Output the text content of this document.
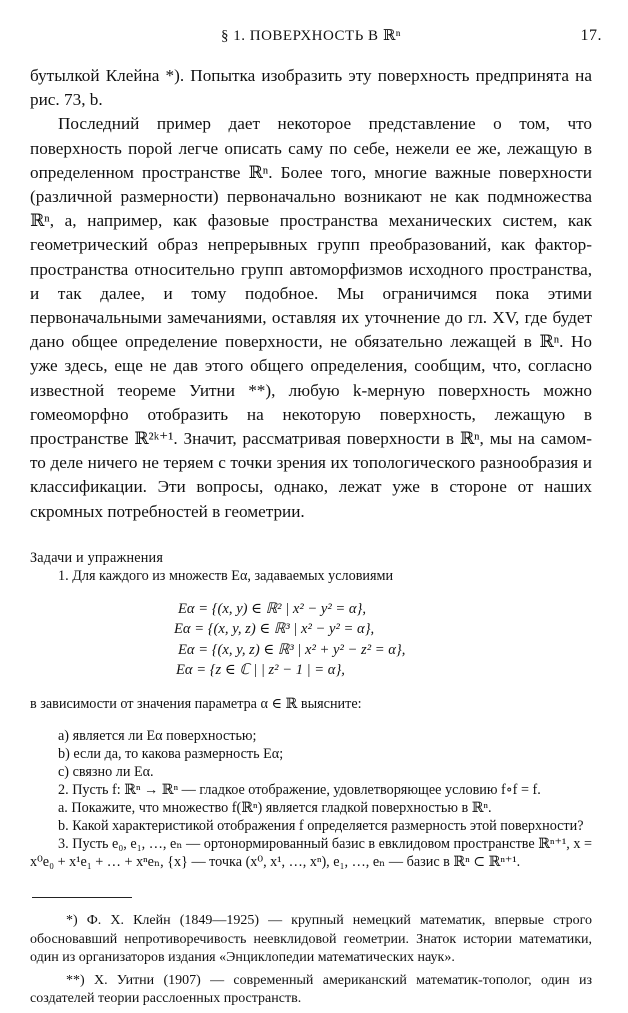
§ 1. ПОВЕРХНОСТЬ В ℝⁿ	17.

бутылкой Клейна *). Попытка изобразить эту поверхность предпринята на рис. 73, b.

Последний пример дает некоторое представление о том, что поверхность порой легче описать саму по себе, нежели ее же, лежащую в определенном пространстве ℝⁿ. Более того, многие важные поверхности (различной размерности) первоначально возникают не как подмножества ℝⁿ, а, например, как фазовые пространства механических систем, как геометрический образ непрерывных групп преобразований, как фактор-пространства относительно групп автоморфизмов исходного пространства, и так далее, и тому подобное. Мы ограничимся пока этими первоначальными замечаниями, оставляя их уточнение до гл. XV, где будет дано общее определение поверхности, не обязательно лежащей в ℝⁿ. Но уже здесь, еще не дав этого общего определения, сообщим, что, согласно известной теореме Уитни **), любую k-мерную поверхность можно гомеоморфно отобразить на некоторую поверхность, лежащую в пространстве ℝ²ᵏ⁺¹. Значит, рассматривая поверхности в ℝⁿ, мы на самом-то деле ничего не теряем с точки зрения их топологического разнообразия и классификации. Эти вопросы, однако, лежат уже в стороне от наших скромных потребностей в геометрии.

Задачи и упражнения

1. Для каждого из множеств Eα, задаваемых условиями

Eα = {(x, y) ∈ ℝ² | x² − y² = α},
Eα = {(x, y, z) ∈ ℝ³ | x² − y² = α},
Eα = {(x, y, z) ∈ ℝ³ | x² + y² − z² = α},
Eα = {z ∈ ℂ | | z² − 1 | = α},

в зависимости от значения параметра α ∈ ℝ выясните:

a) является ли Eα поверхностью;

b) если да, то какова размерность Eα;

c) связно ли Eα.

2. Пусть f: ℝⁿ → ℝⁿ — гладкое отображение, удовлетворяющее условию f∘f = f.

a. Покажите, что множество f(ℝⁿ) является гладкой поверхностью в ℝⁿ.

b. Какой характеристикой отображения f определяется размерность этой поверхности?

3. Пусть e₀, e₁, …, eₙ — ортонормированный базис в евклидовом пространстве ℝⁿ⁺¹, x = x⁰e₀ + x¹e₁ + … + xⁿeₙ, {x} — точка (x⁰, x¹, …, xⁿ), e₁, …, eₙ — базис в ℝⁿ ⊂ ℝⁿ⁺¹.

*) Ф. Х. Клейн (1849—1925) — крупный немецкий математик, впервые строго обосновавший непротиворечивость неевклидовой геометрии. Знаток истории математики, один из организаторов издания «Энциклопедии математических наук».

**) Х. Уитни (1907) — современный американский математик-тополог, один из создателей теории расслоенных пространств.
